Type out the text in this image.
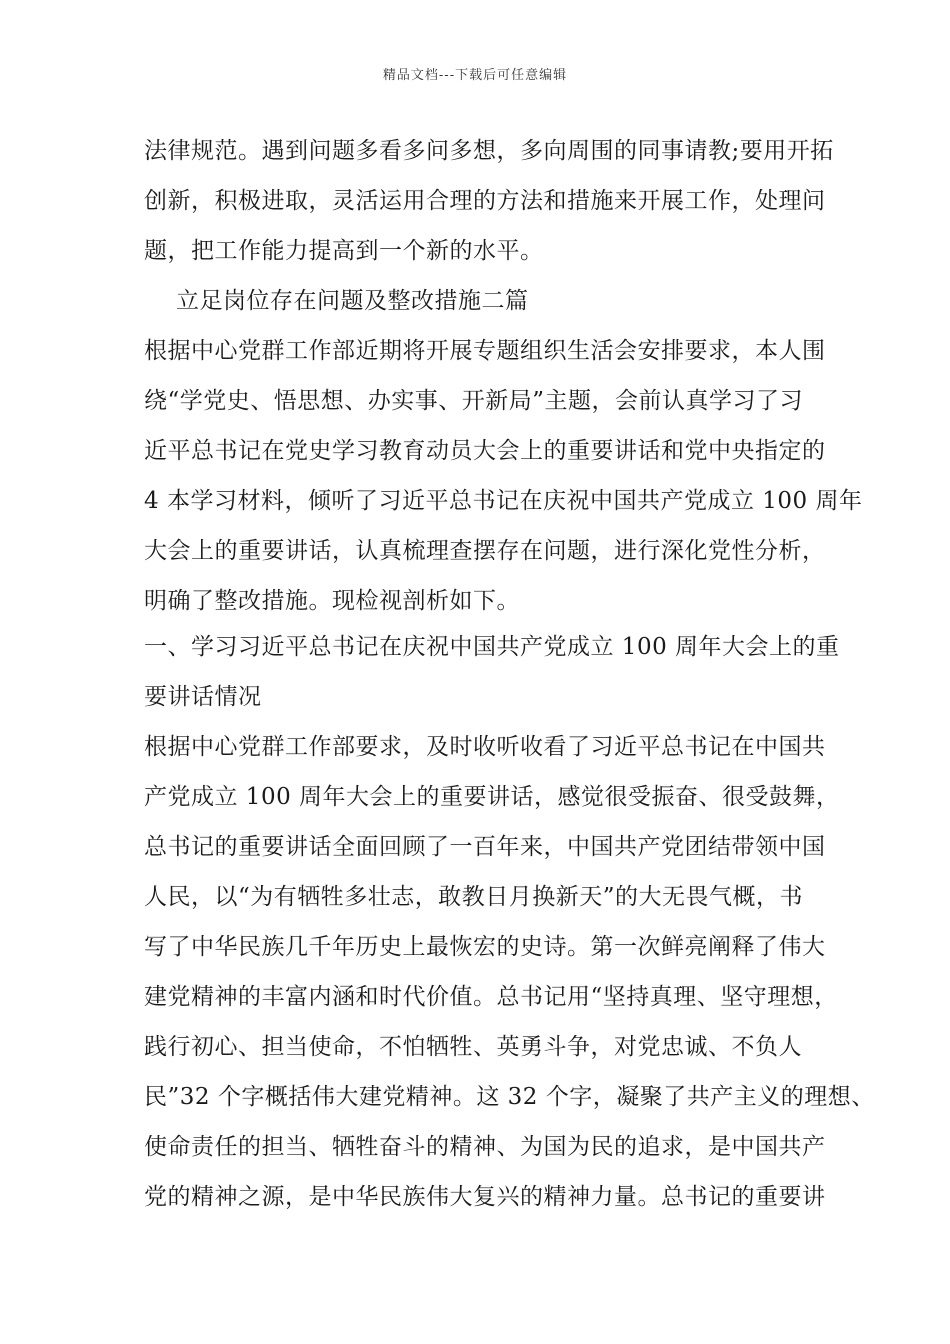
精品文档---下载后可任意编辑
法律规范。遇到问题多看多问多想，多向周围的同事请教;要用开拓
创新，积极进取，灵活运用合理的方法和措施来开展工作，处理问
题，把工作能力提高到一个新的水平。
立足岗位存在问题及整改措施二篇
根据中心党群工作部近期将开展专题组织生活会安排要求，本人围
绕“学党史、悟思想、办实事、开新局”主题，会前认真学习了习
近平总书记在党史学习教育动员大会上的重要讲话和党中央指定的
4 本学习材料，倾听了习近平总书记在庆祝中国共产党成立 100 周年
大会上的重要讲话，认真梳理查摆存在问题，进行深化党性分析，
明确了整改措施。现检视剖析如下。
一、学习习近平总书记在庆祝中国共产党成立 100 周年大会上的重
要讲话情况
根据中心党群工作部要求，及时收听收看了习近平总书记在中国共
产党成立 100 周年大会上的重要讲话，感觉很受振奋、很受鼓舞，
总书记的重要讲话全面回顾了一百年来，中国共产党团结带领中国
人民，以“为有牺牲多壮志，敢教日月换新天”的大无畏气概，书
写了中华民族几千年历史上最恢宏的史诗。第一次鲜亮阐释了伟大
建党精神的丰富内涵和时代价值。总书记用“坚持真理、坚守理想，
践行初心、担当使命，不怕牺牲、英勇斗争，对党忠诚、不负人
民”32 个字概括伟大建党精神。这 32 个字，凝聚了共产主义的理想、
使命责任的担当、牺牲奋斗的精神、为国为民的追求，是中国共产
党的精神之源，是中华民族伟大复兴的精神力量。总书记的重要讲
